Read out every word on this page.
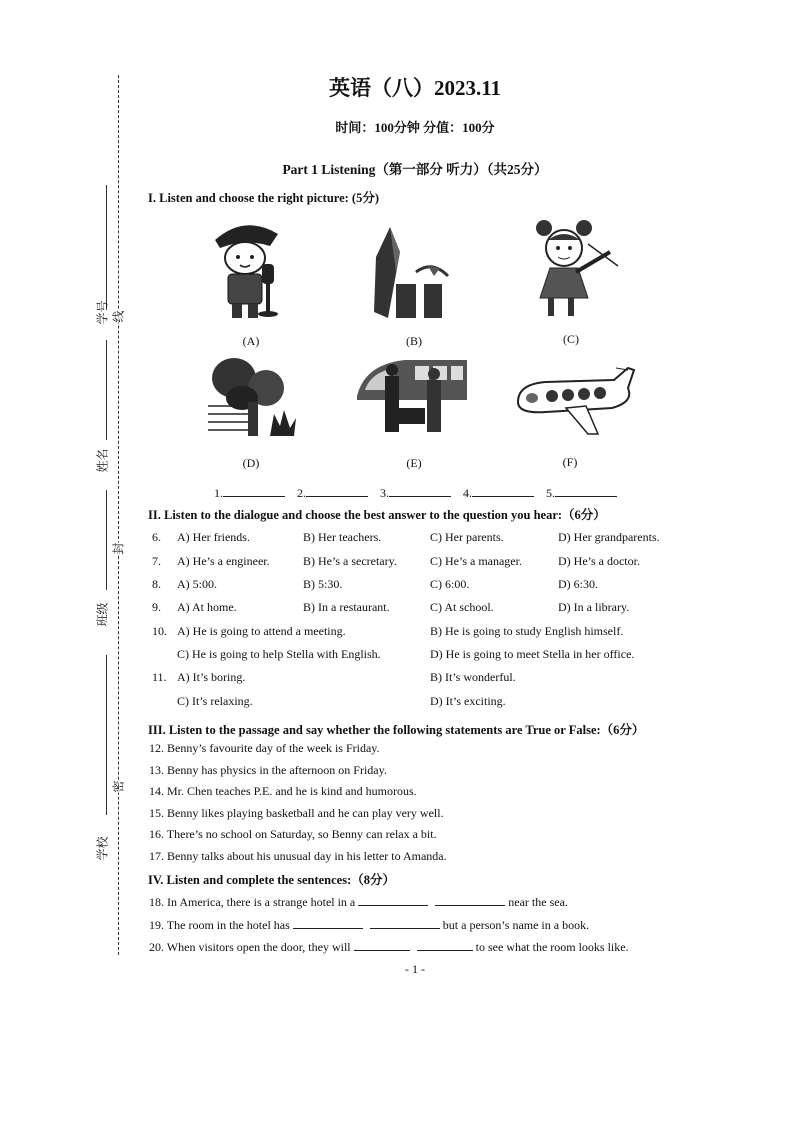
学号
姓名
班级
学校
线
封
密
英语（八）2023.11
时间：100分钟 分值：100分
Part 1 Listening（第一部分 听力）（共25分）
I. Listen and choose the right picture: (5分)
(A)	(B)	(C)
(D)	(E)	(F)
1.	2.	3.	4.	5.
II. Listen to the dialogue and choose the best answer to the question you hear:（6分）
6. A) Her friends.	B) Her teachers.	C) Her parents.	D) Her grandparents.
7. A) He’s a engineer.	B) He’s a secretary.	C) He’s a manager.	D) He’s a doctor.
8. A) 5:00.	B) 5:30.	C) 6:00.	D) 6:30.
9. A) At home.	B) In a restaurant.	C) At school.	D) In a library.
10. A) He is going to attend a meeting.	B) He is going to study English himself.
C) He is going to help Stella with English.	D) He is going to meet Stella in her office.
11. A) It’s boring.	B) It’s wonderful.
C) It’s relaxing.	D) It’s exciting.
III. Listen to the passage and say whether the following statements are True or False:（6分）
12. Benny’s favourite day of the week is Friday.
13. Benny has physics in the afternoon on Friday.
14. Mr. Chen teaches P.E. and he is kind and humorous.
15. Benny likes playing basketball and he can play very well.
16. There’s no school on Saturday, so Benny can relax a bit.
17. Benny talks about his unusual day in his letter to Amanda.
IV. Listen and complete the sentences:（8分）
18. In America, there is a strange hotel in a	near the sea.
19. The room in the hotel has	but a person’s name in a book.
20. When visitors open the door, they will	to see what the room looks like.
- 1 -
